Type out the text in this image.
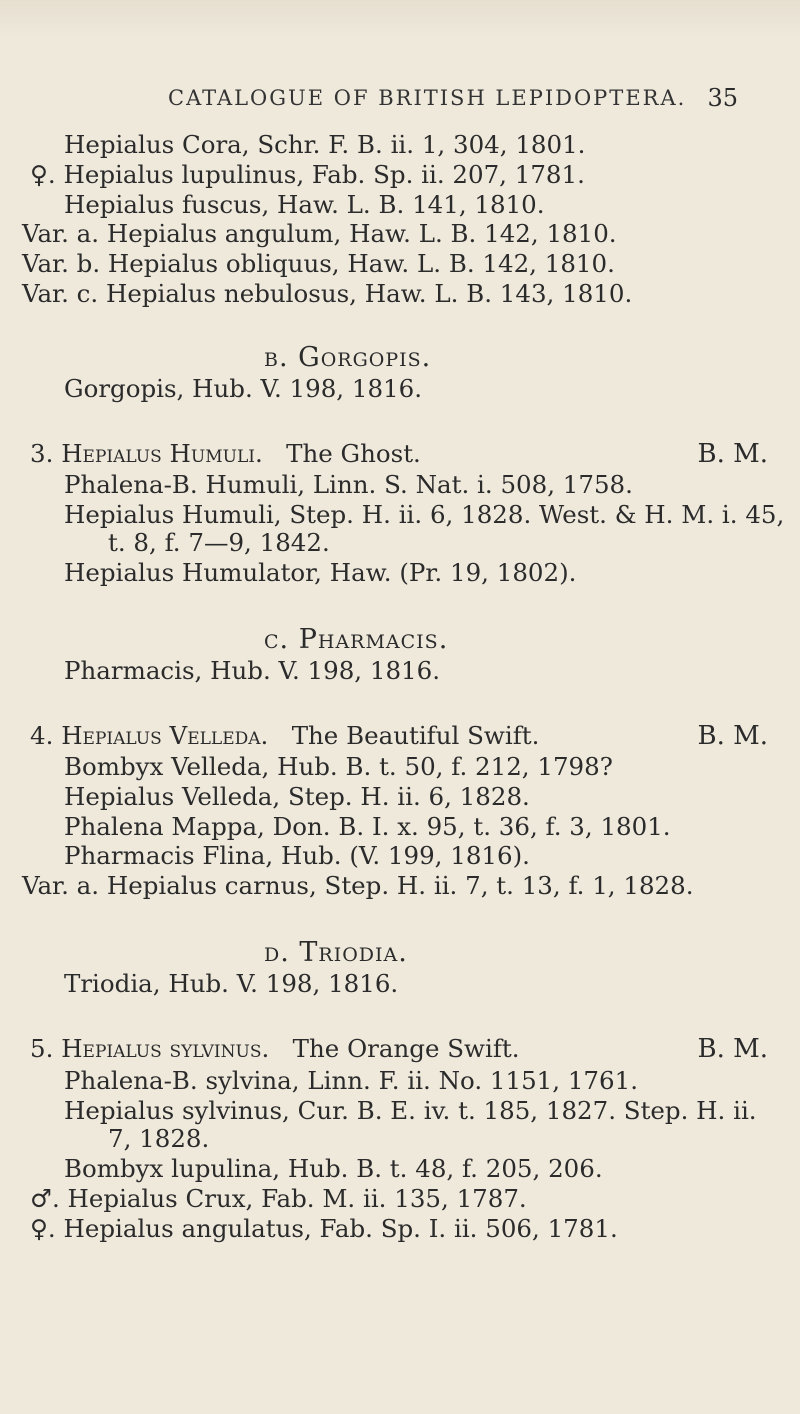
CATALOGUE OF BRITISH LEPIDOPTERA. 35
Hepialus Cora, Schr. F. B. ii. 1, 304, 1801.
♀. Hepialus lupulinus, Fab. Sp. ii. 207, 1781.
Hepialus fuscus, Haw. L. B. 141, 1810.
Var. a. Hepialus angulum, Haw. L. B. 142, 1810.
Var. b. Hepialus obliquus, Haw. L. B. 142, 1810.
Var. c. Hepialus nebulosus, Haw. L. B. 143, 1810.
b. Gorgopis.
Gorgopis, Hub. V. 198, 1816.
3. Hepialus Humuli. The Ghost.	B. M.
Phalena-B. Humuli, Linn. S. Nat. i. 508, 1758.
Hepialus Humuli, Step. H. ii. 6, 1828. West. & H. M. i. 45,
t. 8, f. 7—9, 1842.
Hepialus Humulator, Haw. (Pr. 19, 1802).
c. Pharmacis.
Pharmacis, Hub. V. 198, 1816.
4. Hepialus Velleda. The Beautiful Swift.	B. M.
Bombyx Velleda, Hub. B. t. 50, f. 212, 1798?
Hepialus Velleda, Step. H. ii. 6, 1828.
Phalena Mappa, Don. B. I. x. 95, t. 36, f. 3, 1801.
Pharmacis Flina, Hub. (V. 199, 1816).
Var. a. Hepialus carnus, Step. H. ii. 7, t. 13, f. 1, 1828.
d. Triodia.
Triodia, Hub. V. 198, 1816.
5. Hepialus sylvinus. The Orange Swift.	B. M.
Phalena-B. sylvina, Linn. F. ii. No. 1151, 1761.
Hepialus sylvinus, Cur. B. E. iv. t. 185, 1827. Step. H. ii.
7, 1828.
Bombyx lupulina, Hub. B. t. 48, f. 205, 206.
♂. Hepialus Crux, Fab. M. ii. 135, 1787.
♀. Hepialus angulatus, Fab. Sp. I. ii. 506, 1781.
